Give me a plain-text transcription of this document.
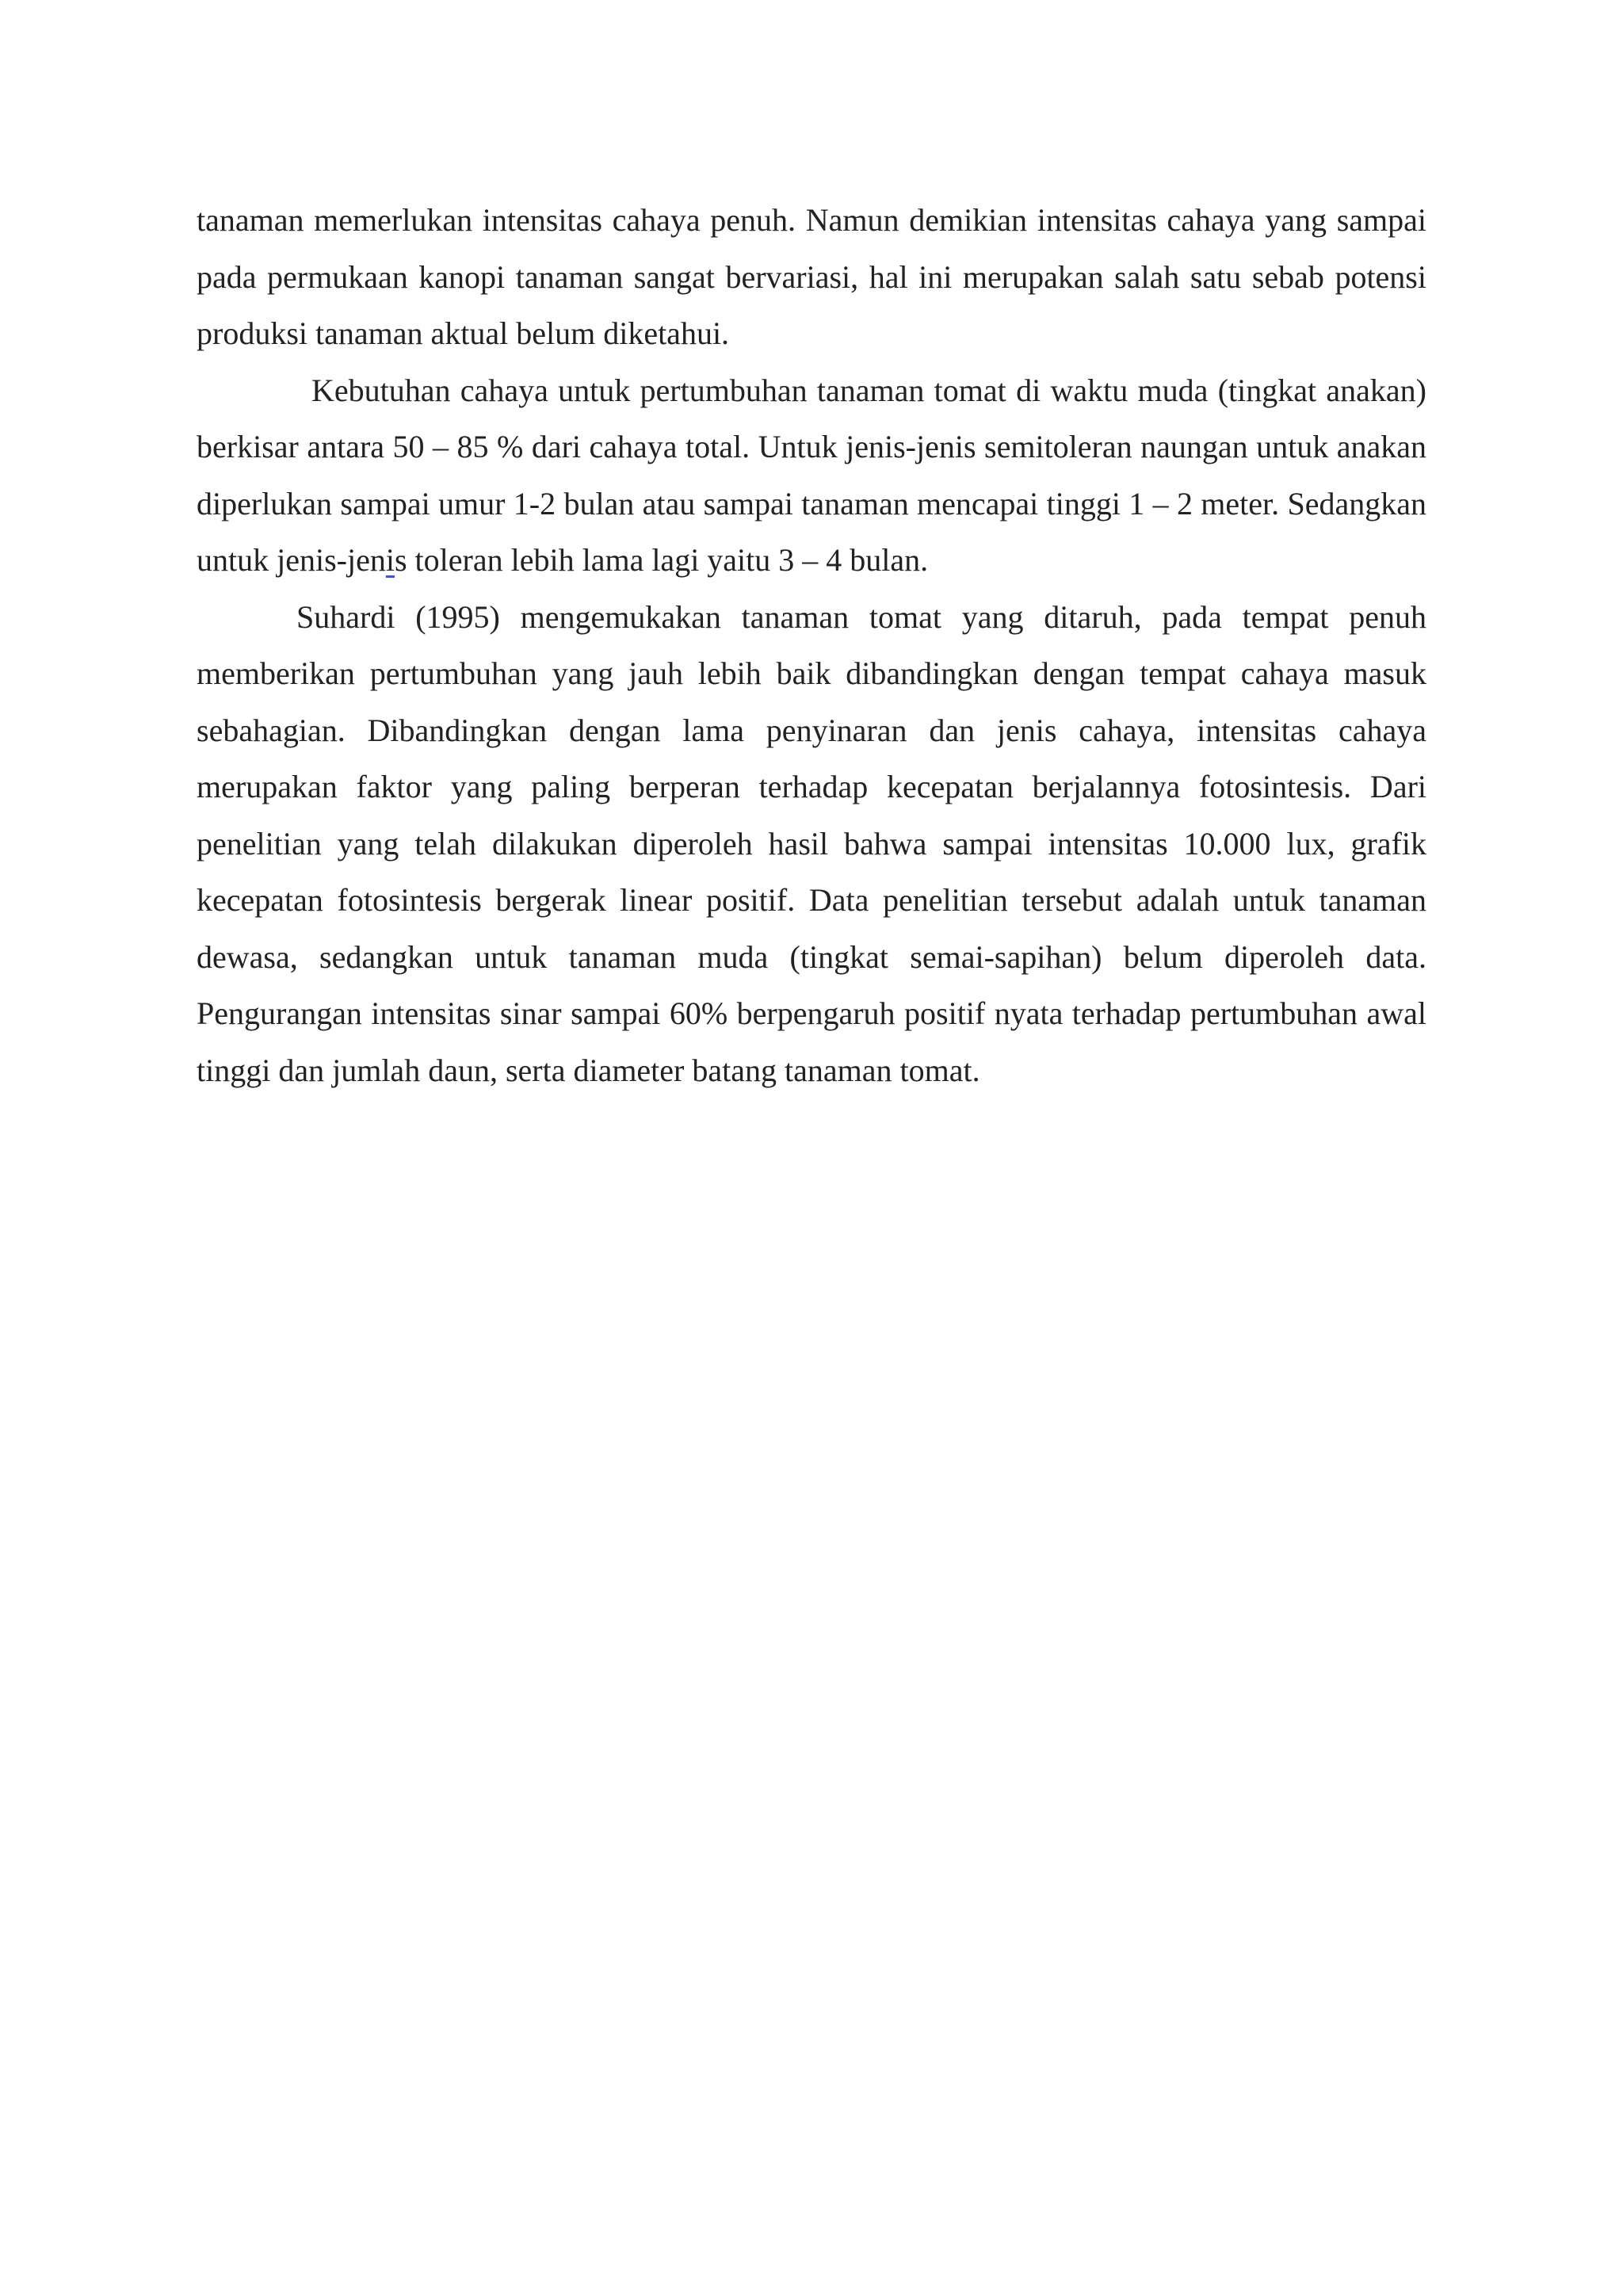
tanaman memerlukan intensitas cahaya penuh. Namun demikian intensitas cahaya yang sampai pada permukaan kanopi tanaman sangat bervariasi, hal ini merupakan salah satu sebab potensi produksi tanaman aktual belum diketahui.

Kebutuhan cahaya untuk pertumbuhan tanaman tomat di waktu muda (tingkat anakan) berkisar antara 50 – 85 % dari cahaya total. Untuk jenis-jenis semitoleran naungan untuk anakan diperlukan sampai umur 1-2 bulan atau sampai tanaman mencapai tinggi 1 – 2 meter. Sedangkan untuk jenis-jenis toleran lebih lama lagi yaitu 3 – 4 bulan.

Suhardi (1995) mengemukakan tanaman tomat yang ditaruh, pada tempat penuh memberikan pertumbuhan yang jauh lebih baik dibandingkan dengan tempat cahaya masuk sebahagian. Dibandingkan dengan lama penyinaran dan jenis cahaya, intensitas cahaya merupakan faktor yang paling berperan terhadap kecepatan berjalannya fotosintesis. Dari penelitian yang telah dilakukan diperoleh hasil bahwa sampai intensitas 10.000 lux, grafik kecepatan fotosintesis bergerak linear positif. Data penelitian tersebut adalah untuk tanaman dewasa, sedangkan untuk tanaman muda (tingkat semai-sapihan) belum diperoleh data. Pengurangan intensitas sinar sampai 60% berpengaruh positif nyata terhadap pertumbuhan awal tinggi dan jumlah daun, serta diameter batang tanaman tomat.
